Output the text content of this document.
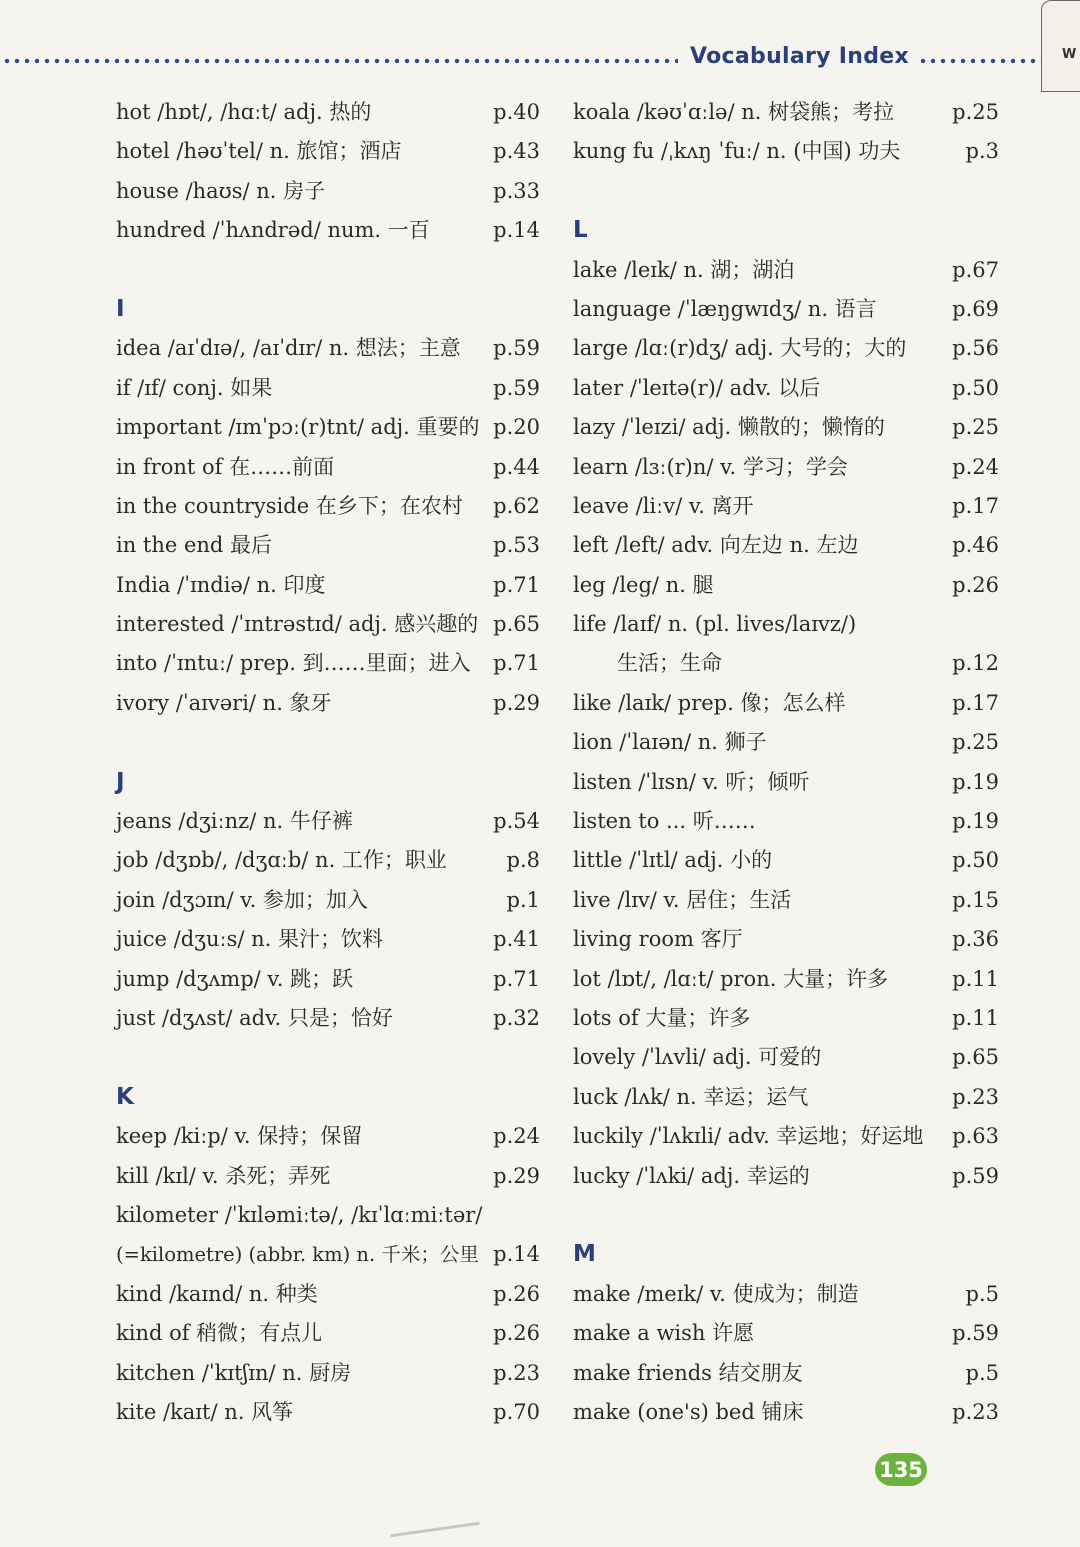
Vocabulary Index	W
hot /hɒt/, /hɑːt/ adj. 热的	p.40
hotel /həʊˈtel/ n. 旅馆；酒店	p.43
house /haʊs/ n. 房子	p.33
hundred /ˈhʌndrəd/ num. 一百	p.14
I
idea /aɪˈdɪə/, /aɪˈdɪr/ n. 想法；主意 p.59
if /ɪf/ conj. 如果	p.59
important /ɪmˈpɔː(r)tnt/ adj. 重要的 p.20
in front of 在……前面	p.44
in the countryside 在乡下；在农村 p.62
in the end 最后	p.53
India /ˈɪndiə/ n. 印度	p.71
interested /ˈɪntrəstɪd/ adj. 感兴趣的 p.65
into /ˈɪntuː/ prep. 到……里面；进入 p.71
ivory /ˈaɪvəri/ n. 象牙	p.29
J
jeans /dʒiːnz/ n. 牛仔裤	p.54
job /dʒɒb/, /dʒɑːb/ n. 工作；职业	p.8
join /dʒɔɪn/ v. 参加；加入	p.1
juice /dʒuːs/ n. 果汁；饮料	p.41
jump /dʒʌmp/ v. 跳；跃	p.71
just /dʒʌst/ adv. 只是；恰好	p.32
K
keep /kiːp/ v. 保持；保留	p.24
kill /kɪl/ v. 杀死；弄死	p.29
kilometer /ˈkɪləmiːtə/, /kɪˈlɑːmiːtər/
(=kilometre) (abbr. km) n. 千米；公里 p.14
kind /kaɪnd/ n. 种类	p.26
kind of 稍微；有点儿	p.26
kitchen /ˈkɪtʃɪn/ n. 厨房	p.23
kite /kaɪt/ n. 风筝	p.70
koala /kəʊˈɑːlə/ n. 树袋熊；考拉	p.25
kung fu /ˌkʌŋ ˈfuː/ n. (中国) 功夫	p.3
L
lake /leɪk/ n. 湖；湖泊	p.67
language /ˈlæŋgwɪdʒ/ n. 语言	p.69
large /lɑː(r)dʒ/ adj. 大号的；大的 p.56
later /ˈleɪtə(r)/ adv. 以后	p.50
lazy /ˈleɪzi/ adj. 懒散的；懒惰的	p.25
learn /lɜː(r)n/ v. 学习；学会	p.24
leave /liːv/ v. 离开	p.17
left /left/ adv. 向左边 n. 左边	p.46
leg /leg/ n. 腿	p.26
life /laɪf/ n. (pl. lives/laɪvz/)
生活；生命	p.12
like /laɪk/ prep. 像；怎么样	p.17
lion /ˈlaɪən/ n. 狮子	p.25
listen /ˈlɪsn/ v. 听；倾听	p.19
listen to ... 听……	p.19
little /ˈlɪtl/ adj. 小的	p.50
live /lɪv/ v. 居住；生活	p.15
living room 客厅	p.36
lot /lɒt/, /lɑːt/ pron. 大量；许多	p.11
lots of 大量；许多	p.11
lovely /ˈlʌvli/ adj. 可爱的	p.65
luck /lʌk/ n. 幸运；运气	p.23
luckily /ˈlʌkɪli/ adv. 幸运地；好运地 p.63
lucky /ˈlʌki/ adj. 幸运的	p.59
M
make /meɪk/ v. 使成为；制造	p.5
make a wish 许愿	p.59
make friends 结交朋友	p.5
make (one's) bed 铺床	p.23
135
